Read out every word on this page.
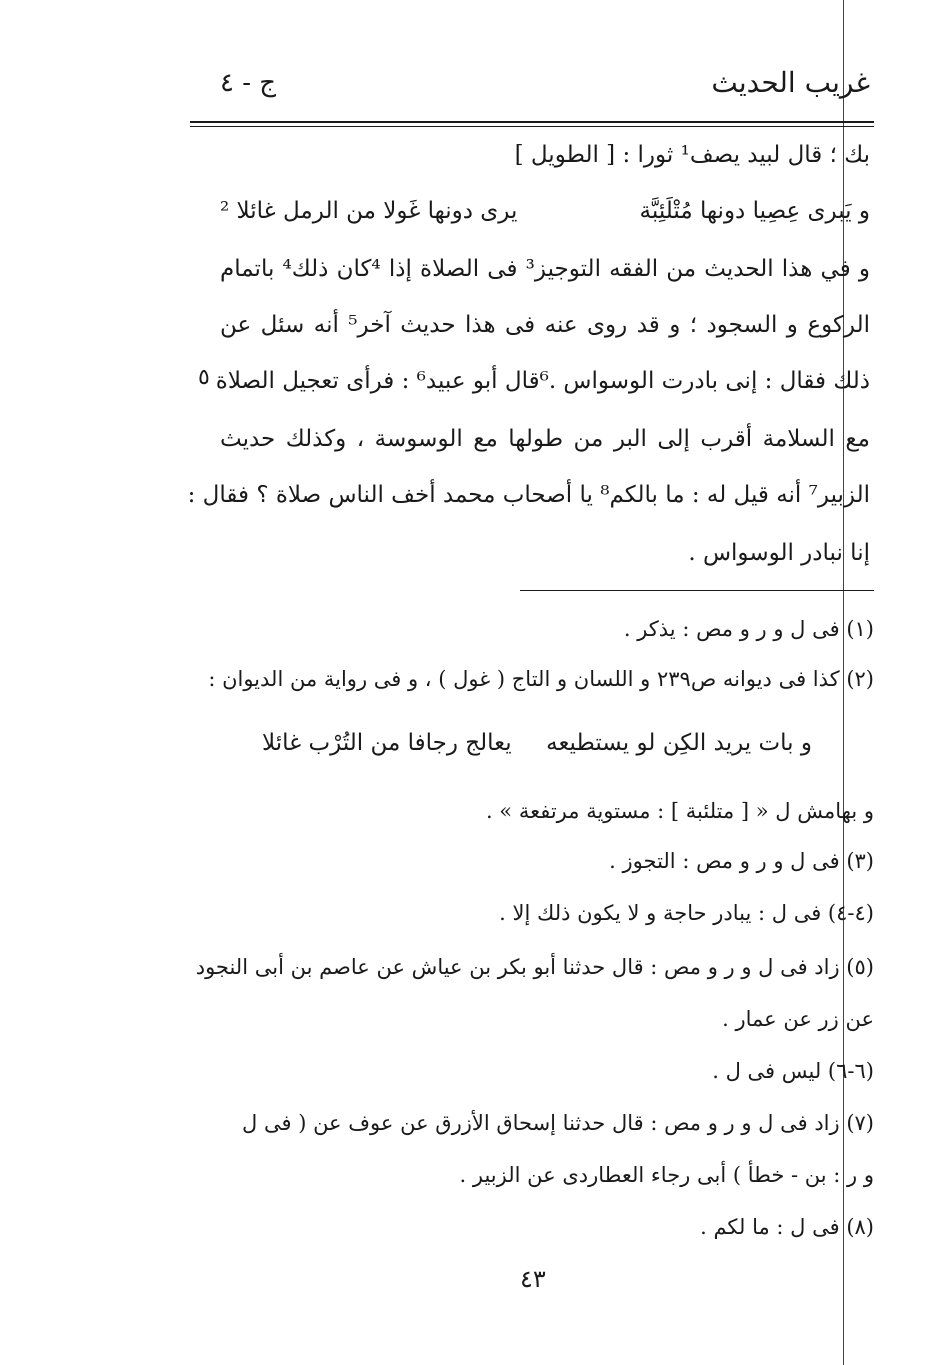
غريب الحديث
ج - ٤
بك ؛ قال لبيد يصف¹ ثورا : [ الطويل ]
و يَبرى عِصِيا دونها مُتْلَئِبَّة
يرى دونها غَولا من الرمل غائلا ²
و في هذا الحديث من الفقه التوجيز³ فى الصلاة إذا ⁴كان ذلك⁴ باتمام
الركوع و السجود ؛ و قد روى عنه فى هذا حديث آخر⁵ أنه سئل عن
ذلك فقال : إنى بادرت الوسواس .⁶قال أبو عبيد⁶ : فرأى تعجيل الصلاة
٥
مع السلامة أقرب إلى البر من طولها مع الوسوسة ، وكذلك حديث
الزبير⁷ أنه قيل له : ما بالكم⁸ يا أصحاب محمد أخف الناس صلاة ؟ فقال :
إنا نبادر الوسواس .
(١) فى ل و ر و مص : يذكر .
(٢) كذا فى ديوانه ص٢٣٩ و اللسان و التاج ( غول ) ، و فى رواية من الديوان :
و بات يريد الكِن لو يستطيعه
يعالج رجافا من التُرْب غائلا
و بهامش ل « [ متلئبة ] : مستوية مرتفعة » .
(٣) فى ل و ر و مص : التجوز .
(٤-٤) فى ل : يبادر حاجة و لا يكون ذلك إلا .
(٥) زاد فى ل و ر و مص : قال حدثنا أبو بكر بن عياش عن عاصم بن أبى النجود
عن زر عن عمار .
(٦-٦) ليس فى ل .
(٧) زاد فى ل و ر و مص : قال حدثنا إسحاق الأزرق عن عوف عن ( فى ل
و ر : بن - خطأ ) أبى رجاء العطاردى عن الزبير .
(٨) فى ل : ما لكم .
٤٣
